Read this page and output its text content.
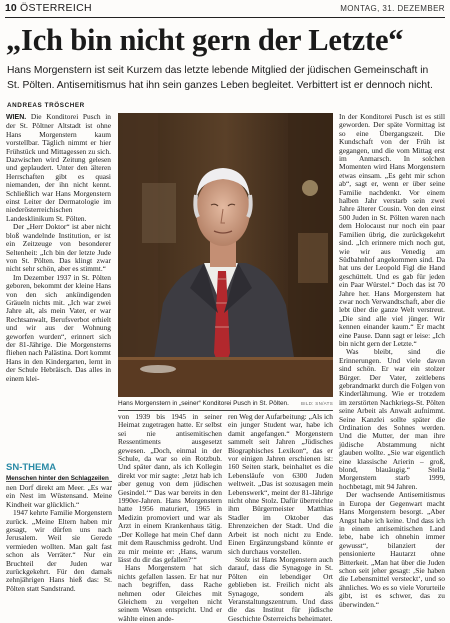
10 ÖSTERREICH	MONTAG, 31. DEZEMBER
„Ich bin nicht gern der Letzte“
Hans Morgenstern ist seit Kurzem das letzte lebende Mitglied der jüdischen Gemeinschaft in St. Pölten. Antisemitismus hat ihn sein ganzes Leben begleitet. Verbittert ist er dennoch nicht.
ANDREAS TRÖSCHER

WIEN. Die Konditorei Pusch in der St. Pöltner Altstadt ist ohne Hans Morgenstern kaum vorstellbar. Täglich nimmt er hier Frühstück und Mittagessen zu sich. Dazwischen wird Zeitung gelesen und geplaudert. Unter den älteren Herrschaften gibt es quasi niemanden, der ihn nicht kennt. Schließlich war Hans Morgenstern einst Leiter der Dermatologie im niederösterreichischen Landesklinikum St. Pölten.

Der „Herr Doktor“ ist aber nicht bloß wandelnde Institution, er ist ein Zeitzeuge von besonderer Seltenheit: „Ich bin der letzte Jude von St. Pölten. Das klingt zwar nicht sehr schön, aber es stimmt.“

Im Dezember 1937 in St. Pölten geboren, bekommt der kleine Hans von den sich ankündigenden Gräueln nichts mit. „Ich war zwei Jahre alt, als mein Vater, er war Rechtsanwalt, Berufsverbot erhielt und wir aus der Wohnung geworfen wurden“, erinnert sich der 81-Jährige. Die Morgensterns fliehen nach Palästina. Dort kommt Hans in den Kindergarten, lernt in der Schule Hebräisch. Das alles in einem klei-

Hans Morgenstern in „seiner“ Konditorei Pusch in St. Pölten.	BILD: SN/ATS
SN-THEMA
Menschen hinter den Schlagzeilen

nen Dorf direkt am Meer. „Es war ein Nest im Wüstensand. Meine Kindheit war glücklich.“

1947 kehrte Familie Morgenstern zurück. „Meine Eltern haben mir gesagt, wir dürfen uns nach Jerusalem. Weil sie Gerede vermieden wollten. Man galt fast schon als Verräter.“ Nur ein Bruchteil der Juden war zurückgekehrt. Für den damals zehnjährigen Hans hieß das: St. Pölten statt Sandstrand.

von 1939 bis 1945 in seiner Heimat zugetragen hatte. Er selbst sei nie antisemitischen Ressentiments ausgesetzt gewesen. „Doch, einmal in der Schule, da war so ein Rotzbub. Und später dann, als ich Kollegin direkt vor mir sagte: ‚Jetzt hab ich aber genug von dem jüdischen Gesindel.‘“ Das war bereits in den 1990er-Jahren. Hans Morgenstern hatte 1956 maturiert, 1965 in Medizin promoviert und war als Arzt in einem Krankenhaus tätig. „Der Kollege hat mein Chef dann mit dem Rauschmiss gedroht. Und zu mir meinte er: ‚Hans, warum lässt du dir das gefallen?‘“

Hans Morgenstern hat sich nichts gefallen lassen. Er hat nur nach begriffen, dass Rache nehmen oder Gleiches mit Gleichem zu vergelten nicht seinem Wesen entspricht. Und er wählte einen ande-

ren Weg der Aufarbeitung: „Als ich ein junger Student war, habe ich damit angefangen.“ Morgenstern sammelt seit Jahren „Jüdisches Biographisches Lexikon“, das er vor einigen Jahren erschienen ist: 160 Seiten stark, beinhaltet es die Lebensläufe von 6300 Juden weltweit. „Das ist sozusagen mein Lebenswerk“, meint der 81-Jährige nicht ohne Stolz. Dafür überreichte ihm Bürgermeister Matthias Stadler im Oktober das Ehrenzeichen der Stadt. Und die Arbeit ist noch nicht zu Ende. Einen Ergänzungsband könnte er sich durchaus vorstellen.

Stolz ist Hans Morgenstern auch darauf, dass die Synagoge in St. Pölten ein lebendiger Ort geblieben ist. Freilich nicht als Synagoge, sondern als Veranstaltungszentrum. Und dass die das Institut für jüdische Geschichte Österreichs beheimatet.

In der Konditorei Pusch ist es still geworden. Der späte Vormittag ist so eine Übergangszeit. Die Kundschaft von der Früh ist gegangen, und die vom Mittag erst im Anmarsch. In solchen Momenten wird Hans Morgenstern etwas einsam. „Es geht mir schon ab“, sagt er, wenn er über seine Familie nachdenkt. Vor einem halben Jahr verstarb sein zwei Jahre älterer Cousin. Von den einst 500 Juden in St. Pölten waren nach dem Holocaust nur noch ein paar Familien übrig, die zurückgekehrt sind. „Ich erinnere mich noch gut, wie wir aus Venedig am Südbahnhof angekommen sind. Da hat uns der Leopold Figl die Hand geschüttelt. Und es gab für jeden ein Paar Würstel.“ Doch das ist 70 Jahre her. Hans Morgenstern hat zwar noch Verwandtschaft, aber die lebt über die ganze Welt verstreut. „Die sind alle viel jünger. Wir kennen einander kaum.“ Er macht eine Pause. Dann sagt er leise: „Ich bin nicht gern der Letzte.“

Was bleibt, sind die Erinnerungen. Und viele davon sind schön. Er war ein stolzer Bürger. Der Vater, zeitlebens gebrandmarkt durch die Folgen von Kinderlähmung. Wie er trotzdem im zerstörten Nachkriegs-St. Pölten seine Arbeit als Anwalt aufnimmt. Seine Kanzlei sollte später die Ordination des Sohnes werden. Und die Mutter, der man ihre jüdische Abstammung nicht glauben wollte. „Sie war eigentlich eine klassische Arierin – groß, blond, blauäugig.“ Stella Morgenstern starb 1999, hochbetagt, mit 94 Jahren.

Der wachsende Antisemitismus in Europa der Gegenwart macht Hans Morgenstern besorgt. „Aber Angst habe ich keine. Und dass ich in einem antisemitischen Land lebe, habe ich ohnehin immer gewusst“, bilanziert der pensionierte Hautarzt ohne Bitterkeit. „Man hat über die Juden schon seit jeher gesagt: ‚Sie haben die Lebensmittel versteckt‘, und so ähnliches. Wo es so viele Vorurteile gibt, ist es schwer, das zu überwinden.“
